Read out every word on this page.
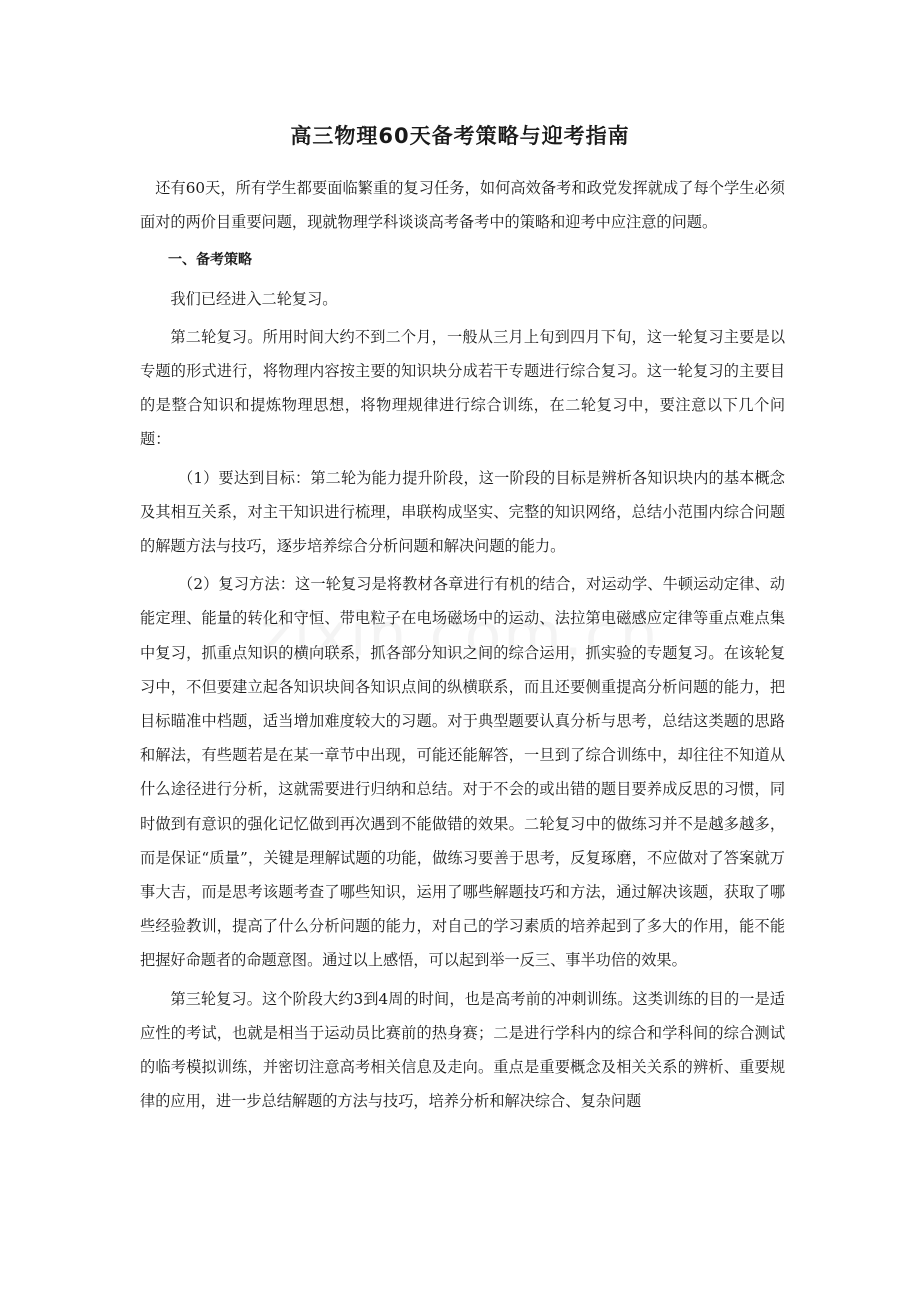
高三物理60天备考策略与迎考指南

还有60天，所有学生都要面临繁重的复习任务，如何高效备考和政党发挥就成了每个学生必须面对的两价目重要问题，现就物理学科谈谈高考备考中的策略和迎考中应注意的问题。

一、备考策略

我们已经进入二轮复习。

第二轮复习。所用时间大约不到二个月，一般从三月上旬到四月下旬，这一轮复习主要是以专题的形式进行，将物理内容按主要的知识块分成若干专题进行综合复习。这一轮复习的主要目的是整合知识和提炼物理思想，将物理规律进行综合训练，在二轮复习中，要注意以下几个问题：

（1）要达到目标：第二轮为能力提升阶段，这一阶段的目标是辨析各知识块内的基本概念及其相互关系，对主干知识进行梳理，串联构成坚实、完整的知识网络，总结小范围内综合问题的解题方法与技巧，逐步培养综合分析问题和解决问题的能力。

（2）复习方法：这一轮复习是将教材各章进行有机的结合，对运动学、牛顿运动定律、动能定理、能量的转化和守恒、带电粒子在电场磁场中的运动、法拉第电磁感应定律等重点难点集中复习，抓重点知识的横向联系，抓各部分知识之间的综合运用，抓实验的专题复习。在该轮复习中，不但要建立起各知识块间各知识点间的纵横联系，而且还要侧重提高分析问题的能力，把目标瞄准中档题，适当增加难度较大的习题。对于典型题要认真分析与思考，总结这类题的思路和解法，有些题若是在某一章节中出现，可能还能解答，一旦到了综合训练中，却往往不知道从什么途径进行分析，这就需要进行归纳和总结。对于不会的或出错的题目要养成反思的习惯，同时做到有意识的强化记忆做到再次遇到不能做错的效果。二轮复习中的做练习并不是越多越多，而是保证“质量”，关键是理解试题的功能，做练习要善于思考，反复琢磨，不应做对了答案就万事大吉，而是思考该题考查了哪些知识，运用了哪些解题技巧和方法，通过解决该题，获取了哪些经验教训，提高了什么分析问题的能力，对自己的学习素质的培养起到了多大的作用，能不能把握好命题者的命题意图。通过以上感悟，可以起到举一反三、事半功倍的效果。

第三轮复习。这个阶段大约3到4周的时间，也是高考前的冲刺训练。这类训练的目的一是适应性的考试，也就是相当于运动员比赛前的热身赛；二是进行学科内的综合和学科间的综合测试的临考模拟训练，并密切注意高考相关信息及走向。重点是重要概念及相关关系的辨析、重要规律的应用，进一步总结解题的方法与技巧，培养分析和解决综合、复杂问题
